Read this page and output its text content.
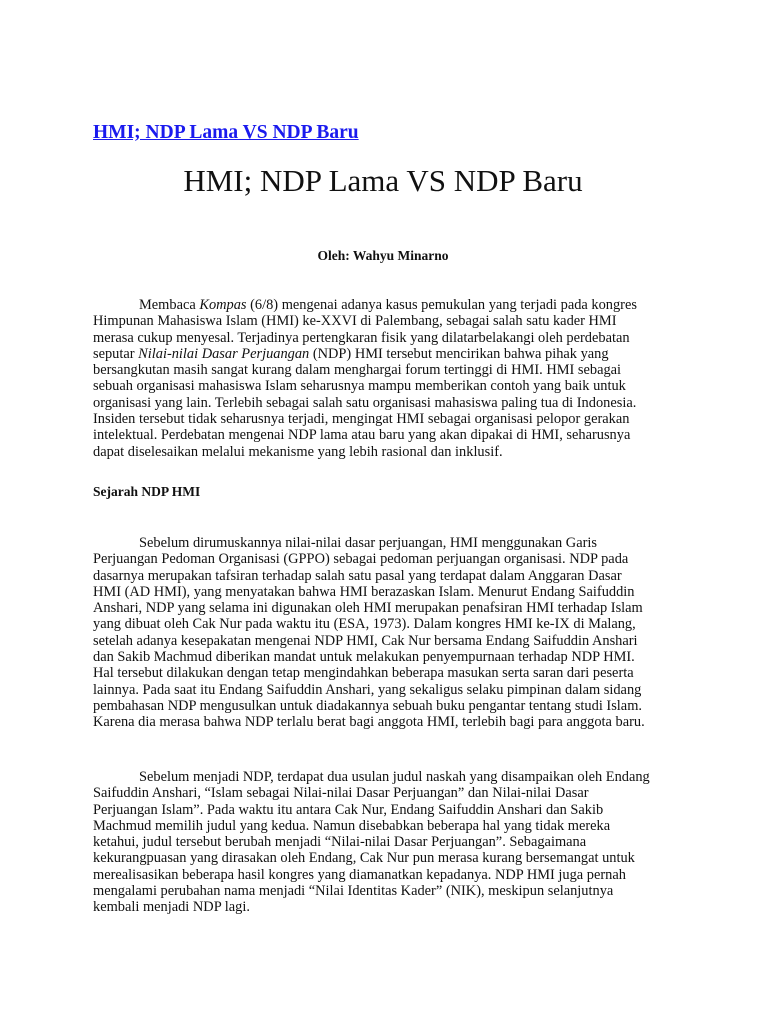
HMI; NDP Lama VS NDP Baru
HMI; NDP Lama VS NDP Baru
Oleh: Wahyu Minarno

Membaca Kompas (6/8) mengenai adanya kasus pemukulan yang terjadi pada kongres Himpunan Mahasiswa Islam (HMI) ke-XXVI di Palembang, sebagai salah satu kader HMI merasa cukup menyesal. Terjadinya pertengkaran fisik yang dilatarbelakangi oleh perdebatan seputar Nilai-nilai Dasar Perjuangan (NDP) HMI tersebut mencirikan bahwa pihak yang bersangkutan masih sangat kurang dalam menghargai forum tertinggi di HMI. HMI sebagai sebuah organisasi mahasiswa Islam seharusnya mampu memberikan contoh yang baik untuk organisasi yang lain. Terlebih sebagai salah satu organisasi mahasiswa paling tua di Indonesia. Insiden tersebut tidak seharusnya terjadi, mengingat HMI sebagai organisasi pelopor gerakan intelektual. Perdebatan mengenai NDP lama atau baru yang akan dipakai di HMI, seharusnya dapat diselesaikan melalui mekanisme yang lebih rasional dan inklusif.

Sejarah NDP HMI

Sebelum dirumuskannya nilai-nilai dasar perjuangan, HMI menggunakan Garis Perjuangan Pedoman Organisasi (GPPO) sebagai pedoman perjuangan organisasi. NDP pada dasarnya merupakan tafsiran terhadap salah satu pasal yang terdapat dalam Anggaran Dasar HMI (AD HMI), yang menyatakan bahwa HMI berazaskan Islam. Menurut Endang Saifuddin Anshari, NDP yang selama ini digunakan oleh HMI merupakan penafsiran HMI terhadap Islam yang dibuat oleh Cak Nur pada waktu itu (ESA, 1973). Dalam kongres HMI ke-IX di Malang, setelah adanya kesepakatan mengenai NDP HMI, Cak Nur bersama Endang Saifuddin Anshari dan Sakib Machmud diberikan mandat untuk melakukan penyempurnaan terhadap NDP HMI. Hal tersebut dilakukan dengan tetap mengindahkan beberapa masukan serta saran dari peserta lainnya. Pada saat itu Endang Saifuddin Anshari, yang sekaligus selaku pimpinan dalam sidang pembahasan NDP mengusulkan untuk diadakannya sebuah buku pengantar tentang studi Islam. Karena dia merasa bahwa NDP terlalu berat bagi anggota HMI, terlebih bagi para anggota baru.

Sebelum menjadi NDP, terdapat dua usulan judul naskah yang disampaikan oleh Endang Saifuddin Anshari, “Islam sebagai Nilai-nilai Dasar Perjuangan” dan Nilai-nilai Dasar Perjuangan Islam”. Pada waktu itu antara Cak Nur, Endang Saifuddin Anshari dan Sakib Machmud memilih judul yang kedua. Namun disebabkan beberapa hal yang tidak mereka ketahui, judul tersebut berubah menjadi “Nilai-nilai Dasar Perjuangan”. Sebagaimana kekurangpuasan yang dirasakan oleh Endang, Cak Nur pun merasa kurang bersemangat untuk merealisasikan beberapa hasil kongres yang diamanatkan kepadanya. NDP HMI juga pernah mengalami perubahan nama menjadi “Nilai Identitas Kader” (NIK), meskipun selanjutnya kembali menjadi NDP lagi.
